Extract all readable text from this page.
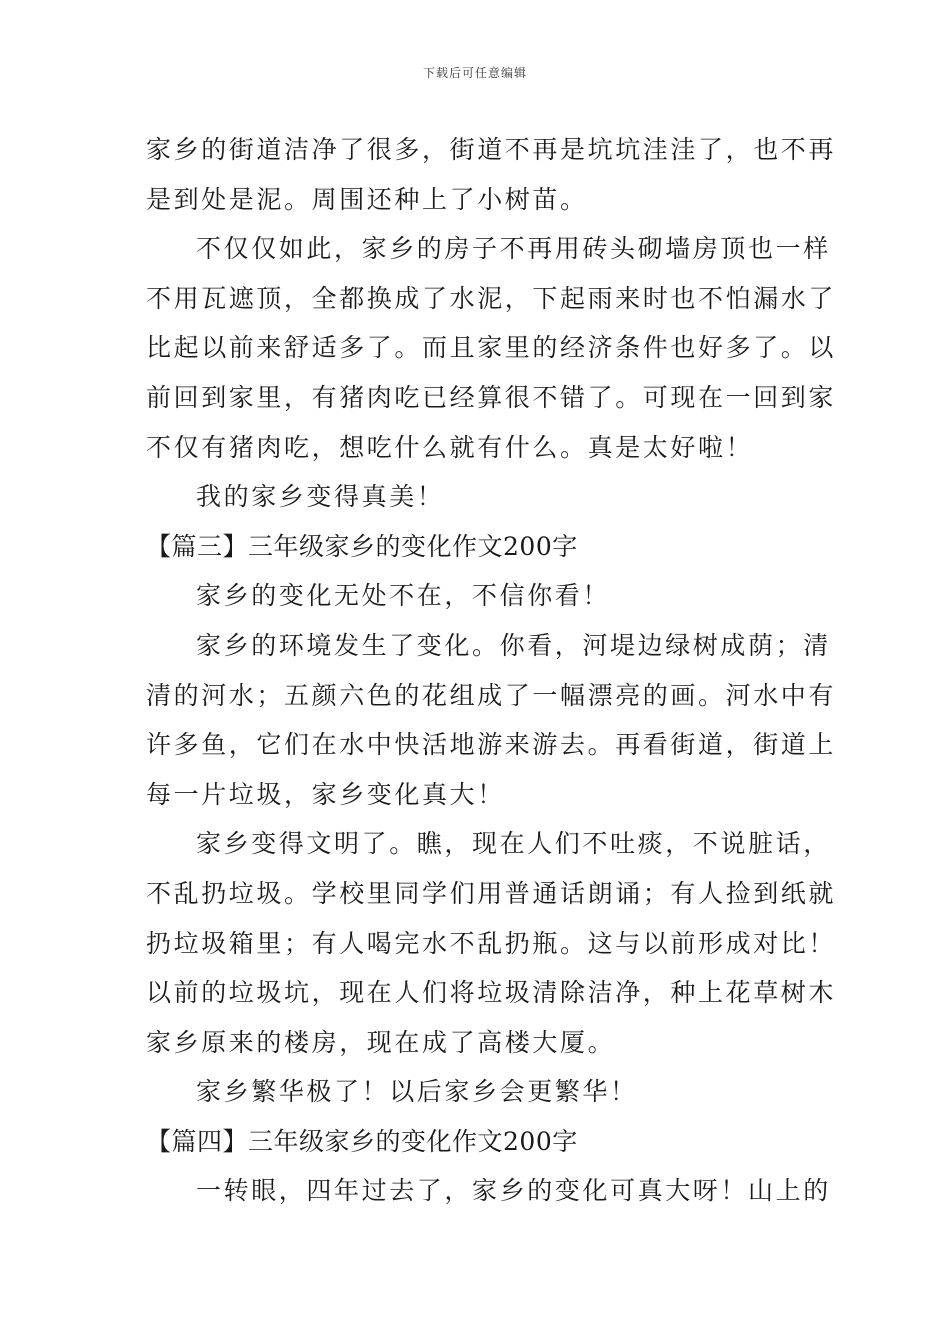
下载后可任意编辑
家乡的街道洁净了很多，街道不再是坑坑洼洼了，也不再
是到处是泥。周围还种上了小树苗。
不仅仅如此，家乡的房子不再用砖头砌墙房顶也一样
不用瓦遮顶，全都换成了水泥，下起雨来时也不怕漏水了
比起以前来舒适多了。而且家里的经济条件也好多了。以
前回到家里，有猪肉吃已经算很不错了。可现在一回到家
不仅有猪肉吃，想吃什么就有什么。真是太好啦！
我的家乡变得真美！
【篇三】三年级家乡的变化作文200字
家乡的变化无处不在，不信你看！
家乡的环境发生了变化。你看，河堤边绿树成荫；清
清的河水；五颜六色的花组成了一幅漂亮的画。河水中有
许多鱼，它们在水中快活地游来游去。再看街道，街道上
每一片垃圾，家乡变化真大！
家乡变得文明了。瞧，现在人们不吐痰，不说脏话，
不乱扔垃圾。学校里同学们用普通话朗诵；有人捡到纸就
扔垃圾箱里；有人喝完水不乱扔瓶。这与以前形成对比！
以前的垃圾坑，现在人们将垃圾清除洁净，种上花草树木
家乡原来的楼房，现在成了高楼大厦。
家乡繁华极了！以后家乡会更繁华！
【篇四】三年级家乡的变化作文200字
一转眼，四年过去了，家乡的变化可真大呀！山上的
